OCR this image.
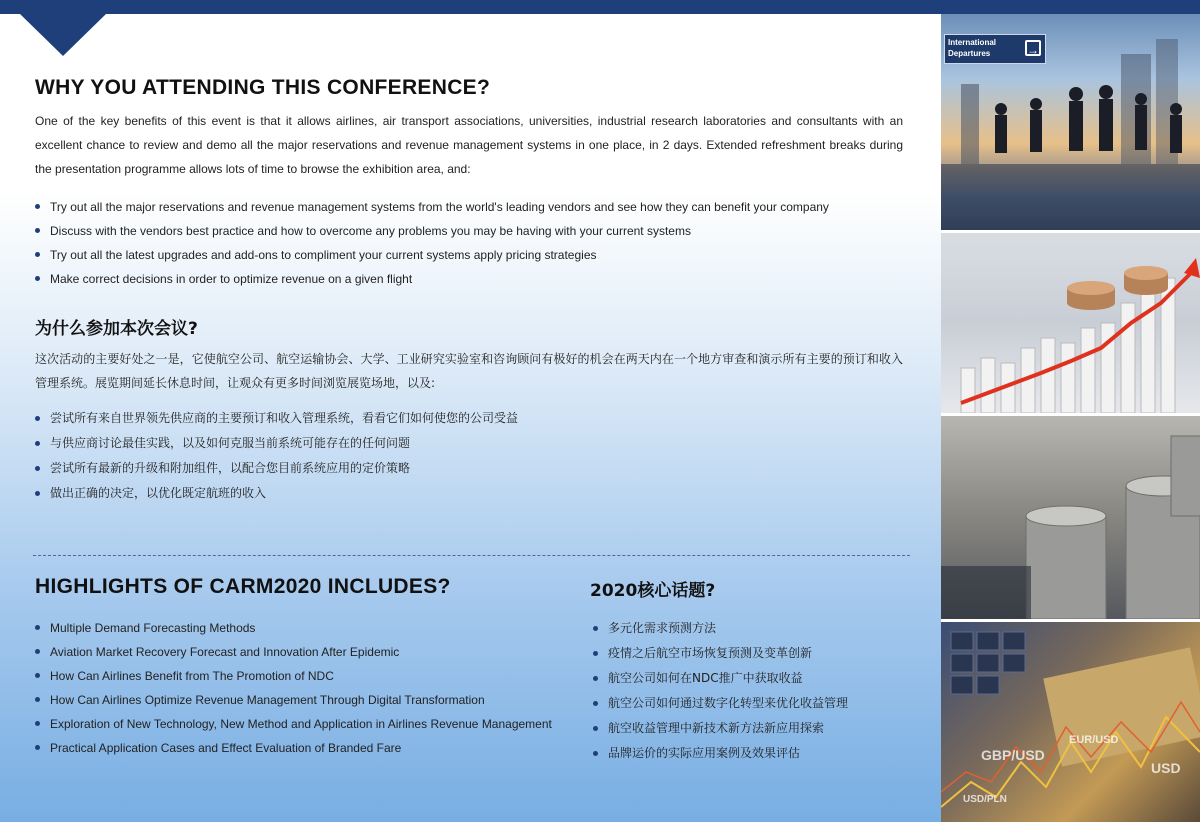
WHY YOU ATTENDING THIS CONFERENCE?

One of the key benefits of this event is that it allows airlines, air transport associations, universities, industrial research laboratories and consultants with an excellent chance to review and demo all the major reservations and revenue management systems in one place, in 2 days. Extended refreshment breaks during the presentation programme allows lots of time to browse the exhibition area, and:

Try out all the major reservations and revenue management systems from the world's leading vendors and see how they can benefit your company
Discuss with the vendors best practice and how to overcome any problems you may be having with your current systems
Try out all the latest upgrades and add-ons to compliment your current systems apply pricing strategies
Make correct decisions in order to optimize revenue on a given flight
为什么参加本次会议?

这次活动的主要好处之一是，它使航空公司、航空运输协会、大学、工业研究实验室和咨询顾问有极好的机会在两天内在一个地方审查和演示所有主要的预订和收入管理系统。展览期间延长休息时间，让观众有更多时间浏览展览场地，以及:

尝试所有来自世界领先供应商的主要预订和收入管理系统，看看它们如何使您的公司受益
与供应商讨论最佳实践，以及如何克服当前系统可能存在的任何问题
尝试所有最新的升级和附加组件，以配合您目前系统应用的定价策略
做出正确的决定，以优化既定航班的收入
HIGHLIGHTS OF CARM2020 INCLUDES?
Multiple Demand Forecasting Methods
Aviation Market Recovery Forecast and Innovation After Epidemic
How Can Airlines Benefit from The Promotion of NDC
How Can Airlines Optimize Revenue Management Through Digital Transformation
Exploration of New Technology, New Method and Application in Airlines Revenue Management
Practical Application Cases and Effect Evaluation of Branded Fare
2020核心话题?
多元化需求预测方法
疫情之后航空市场恢复预测及变革创新
航空公司如何在NDC推广中获取收益
航空公司如何通过数字化转型来优化收益管理
航空收益管理中新技术新方法新应用探索
品牌运价的实际应用案例及效果评估
International
Departures	→
GBP/USD
EUR/USD
USD/PLN
USD
